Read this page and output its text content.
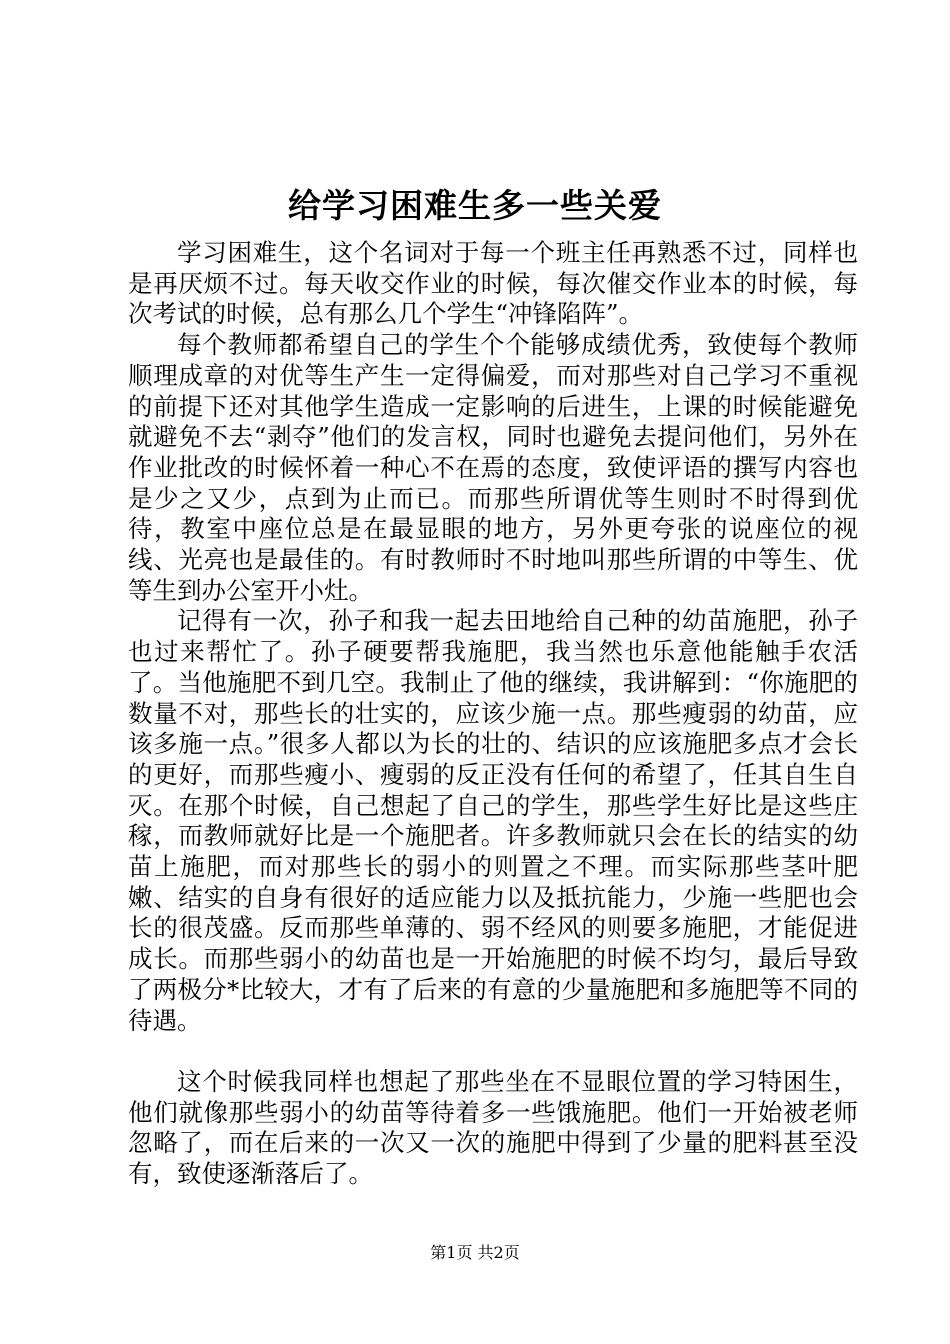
给学习困难生多一些关爱

学习困难生，这个名词对于每一个班主任再熟悉不过，同样也是再厌烦不过。每天收交作业的时候，每次催交作业本的时候，每次考试的时候，总有那么几个学生“冲锋陷阵”。

每个教师都希望自己的学生个个能够成绩优秀，致使每个教师顺理成章的对优等生产生一定得偏爱，而对那些对自己学习不重视的前提下还对其他学生造成一定影响的后进生，上课的时候能避免就避免不去“剥夺”他们的发言权，同时也避免去提问他们，另外在作业批改的时候怀着一种心不在焉的态度，致使评语的撰写内容也是少之又少，点到为止而已。而那些所谓优等生则时不时得到优待，教室中座位总是在最显眼的地方，另外更夸张的说座位的视线、光亮也是最佳的。有时教师时不时地叫那些所谓的中等生、优等生到办公室开小灶。

记得有一次，孙子和我一起去田地给自己种的幼苗施肥，孙子也过来帮忙了。孙子硬要帮我施肥，我当然也乐意他能触手农活了。当他施肥不到几空。我制止了他的继续，我讲解到：“你施肥的数量不对，那些长的壮实的，应该少施一点。那些瘦弱的幼苗，应该多施一点。”很多人都以为长的壮的、结识的应该施肥多点才会长的更好，而那些瘦小、瘦弱的反正没有任何的希望了，任其自生自灭。在那个时候，自己想起了自己的学生，那些学生好比是这些庄稼，而教师就好比是一个施肥者。许多教师就只会在长的结实的幼苗上施肥，而对那些长的弱小的则置之不理。而实际那些茎叶肥嫩、结实的自身有很好的适应能力以及抵抗能力，少施一些肥也会长的很茂盛。反而那些单薄的、弱不经风的则要多施肥，才能促进成长。而那些弱小的幼苗也是一开始施肥的时候不均匀，最后导致了两极分*比较大，才有了后来的有意的少量施肥和多施肥等不同的待遇。

这个时候我同样也想起了那些坐在不显眼位置的学习特困生，他们就像那些弱小的幼苗等待着多一些饿施肥。他们一开始被老师忽略了，而在后来的一次又一次的施肥中得到了少量的肥料甚至没有，致使逐渐落后了。

第1页 共2页
